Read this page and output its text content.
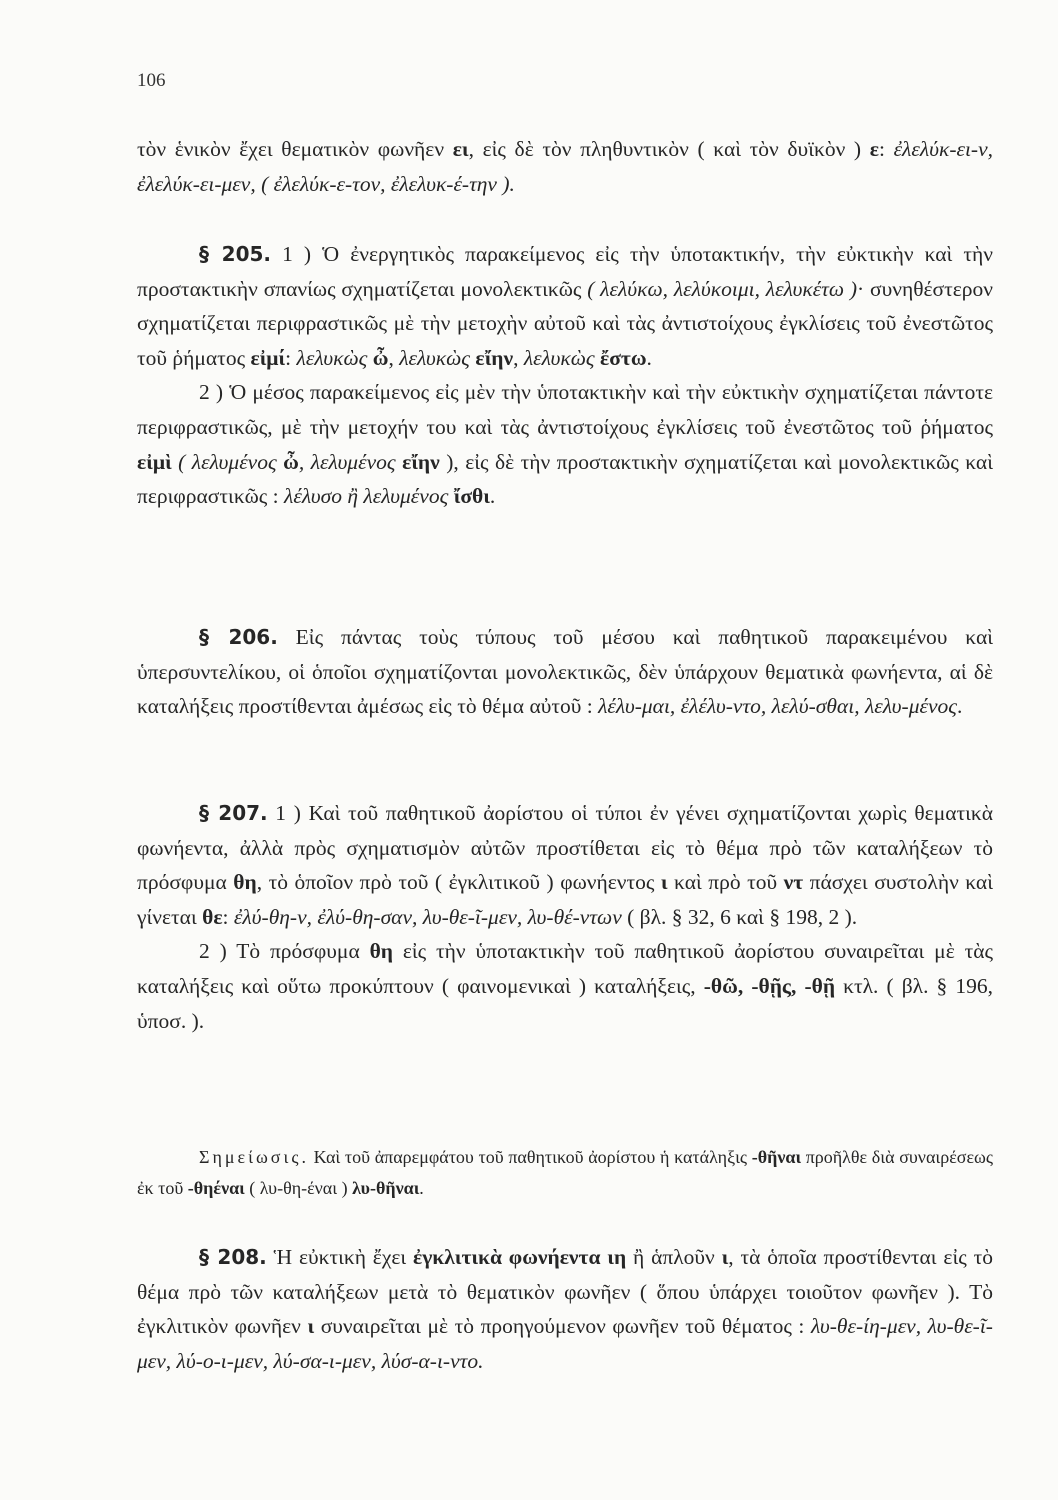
106

τὸν ἑνικὸν ἔχει θεματικὸν φωνῆεν ει, εἰς δὲ τὸν πληθυντικὸν ( καὶ τὸν δυϊκὸν ) ε: ἐλελύκ-ει-ν, ἐλελύκ-ει-μεν, ( ἐλελύκ-ε-τον, ἐλελυκ-έ-την ).

§ 205. 1 ) Ὁ ἐνεργητικὸς παρακείμενος εἰς τὴν ὑποτακτικήν, τὴν εὐκτικὴν καὶ τὴν προστακτικὴν σπανίως σχηματίζεται μονολεκτικῶς ( λελύκω, λελύκοιμι, λελυκέτω )· συνηθέστερον σχηματίζεται περιφραστικῶς μὲ τὴν μετοχὴν αὐτοῦ καὶ τὰς ἀντιστοίχους ἐγκλίσεις τοῦ ἐνεστῶτος τοῦ ῥήματος εἰμί: λελυκὼς ὦ, λελυκὼς εἴην, λελυκὼς ἔστω.

2 ) Ὁ μέσος παρακείμενος εἰς μὲν τὴν ὑποτακτικὴν καὶ τὴν εὐκτικὴν σχηματίζεται πάντοτε περιφραστικῶς, μὲ τὴν μετοχήν του καὶ τὰς ἀντιστοίχους ἐγκλίσεις τοῦ ἐνεστῶτος τοῦ ῥήματος εἰμὶ ( λελυμένος ὦ, λελυμένος εἴην ), εἰς δὲ τὴν προστακτικὴν σχηματίζεται καὶ μονολεκτικῶς καὶ περιφραστικῶς : λέλυσο ἢ λελυμένος ἴσθι.

§ 206. Εἰς πάντας τοὺς τύπους τοῦ μέσου καὶ παθητικοῦ παρακειμένου καὶ ὑπερσυντελίκου, οἱ ὁποῖοι σχηματίζονται μονολεκτικῶς, δὲν ὑπάρχουν θεματικὰ φωνήεντα, αἱ δὲ καταλήξεις προστίθενται ἀμέσως εἰς τὸ θέμα αὐτοῦ : λέλυ-μαι, ἐλέλυ-ντο, λελύ-σθαι, λελυ-μένος.

§ 207. 1 ) Καὶ τοῦ παθητικοῦ ἀορίστου οἱ τύποι ἐν γένει σχηματίζονται χωρὶς θεματικὰ φωνήεντα, ἀλλὰ πρὸς σχηματισμὸν αὐτῶν προστίθεται εἰς τὸ θέμα πρὸ τῶν καταλήξεων τὸ πρόσφυμα θη, τὸ ὁποῖον πρὸ τοῦ ( ἐγκλιτικοῦ ) φωνήεντος ι καὶ πρὸ τοῦ ντ πάσχει συστολὴν καὶ γίνεται θε: ἐλύ-θη-ν, ἐλύ-θη-σαν, λυ-θε-ῖ-μεν, λυ-θέ-ντων ( βλ. § 32, 6 καὶ § 198, 2 ).

2 ) Τὸ πρόσφυμα θη εἰς τὴν ὑποτακτικὴν τοῦ παθητικοῦ ἀορίστου συναιρεῖται μὲ τὰς καταλήξεις καὶ οὕτω προκύπτουν ( φαινομενικαὶ ) καταλήξεις, -θῶ, -θῇς, -θῇ κτλ. ( βλ. § 196, ὑποσ. ).

Σημείωσις. Καὶ τοῦ ἀπαρεμφάτου τοῦ παθητικοῦ ἀορίστου ἡ κατάληξις -θῆναι προῆλθε διὰ συναιρέσεως ἐκ τοῦ -θηέναι ( λυ-θη-έναι ) λυ-θῆναι.

§ 208. Ἡ εὐκτικὴ ἔχει ἐγκλιτικὰ φωνήεντα ιη ἢ ἁπλοῦν ι, τὰ ὁποῖα προστίθενται εἰς τὸ θέμα πρὸ τῶν καταλήξεων μετὰ τὸ θεματικὸν φωνῆεν ( ὅπου ὑπάρχει τοιοῦτον φωνῆεν ). Τὸ ἐγκλιτικὸν φωνῆεν ι συναιρεῖται μὲ τὸ προηγούμενον φωνῆεν τοῦ θέματος : λυ-θε-ίη-μεν, λυ-θε-ῖ-μεν, λύ-ο-ι-μεν, λύ-σα-ι-μεν, λύσ-α-ι-ντο.
